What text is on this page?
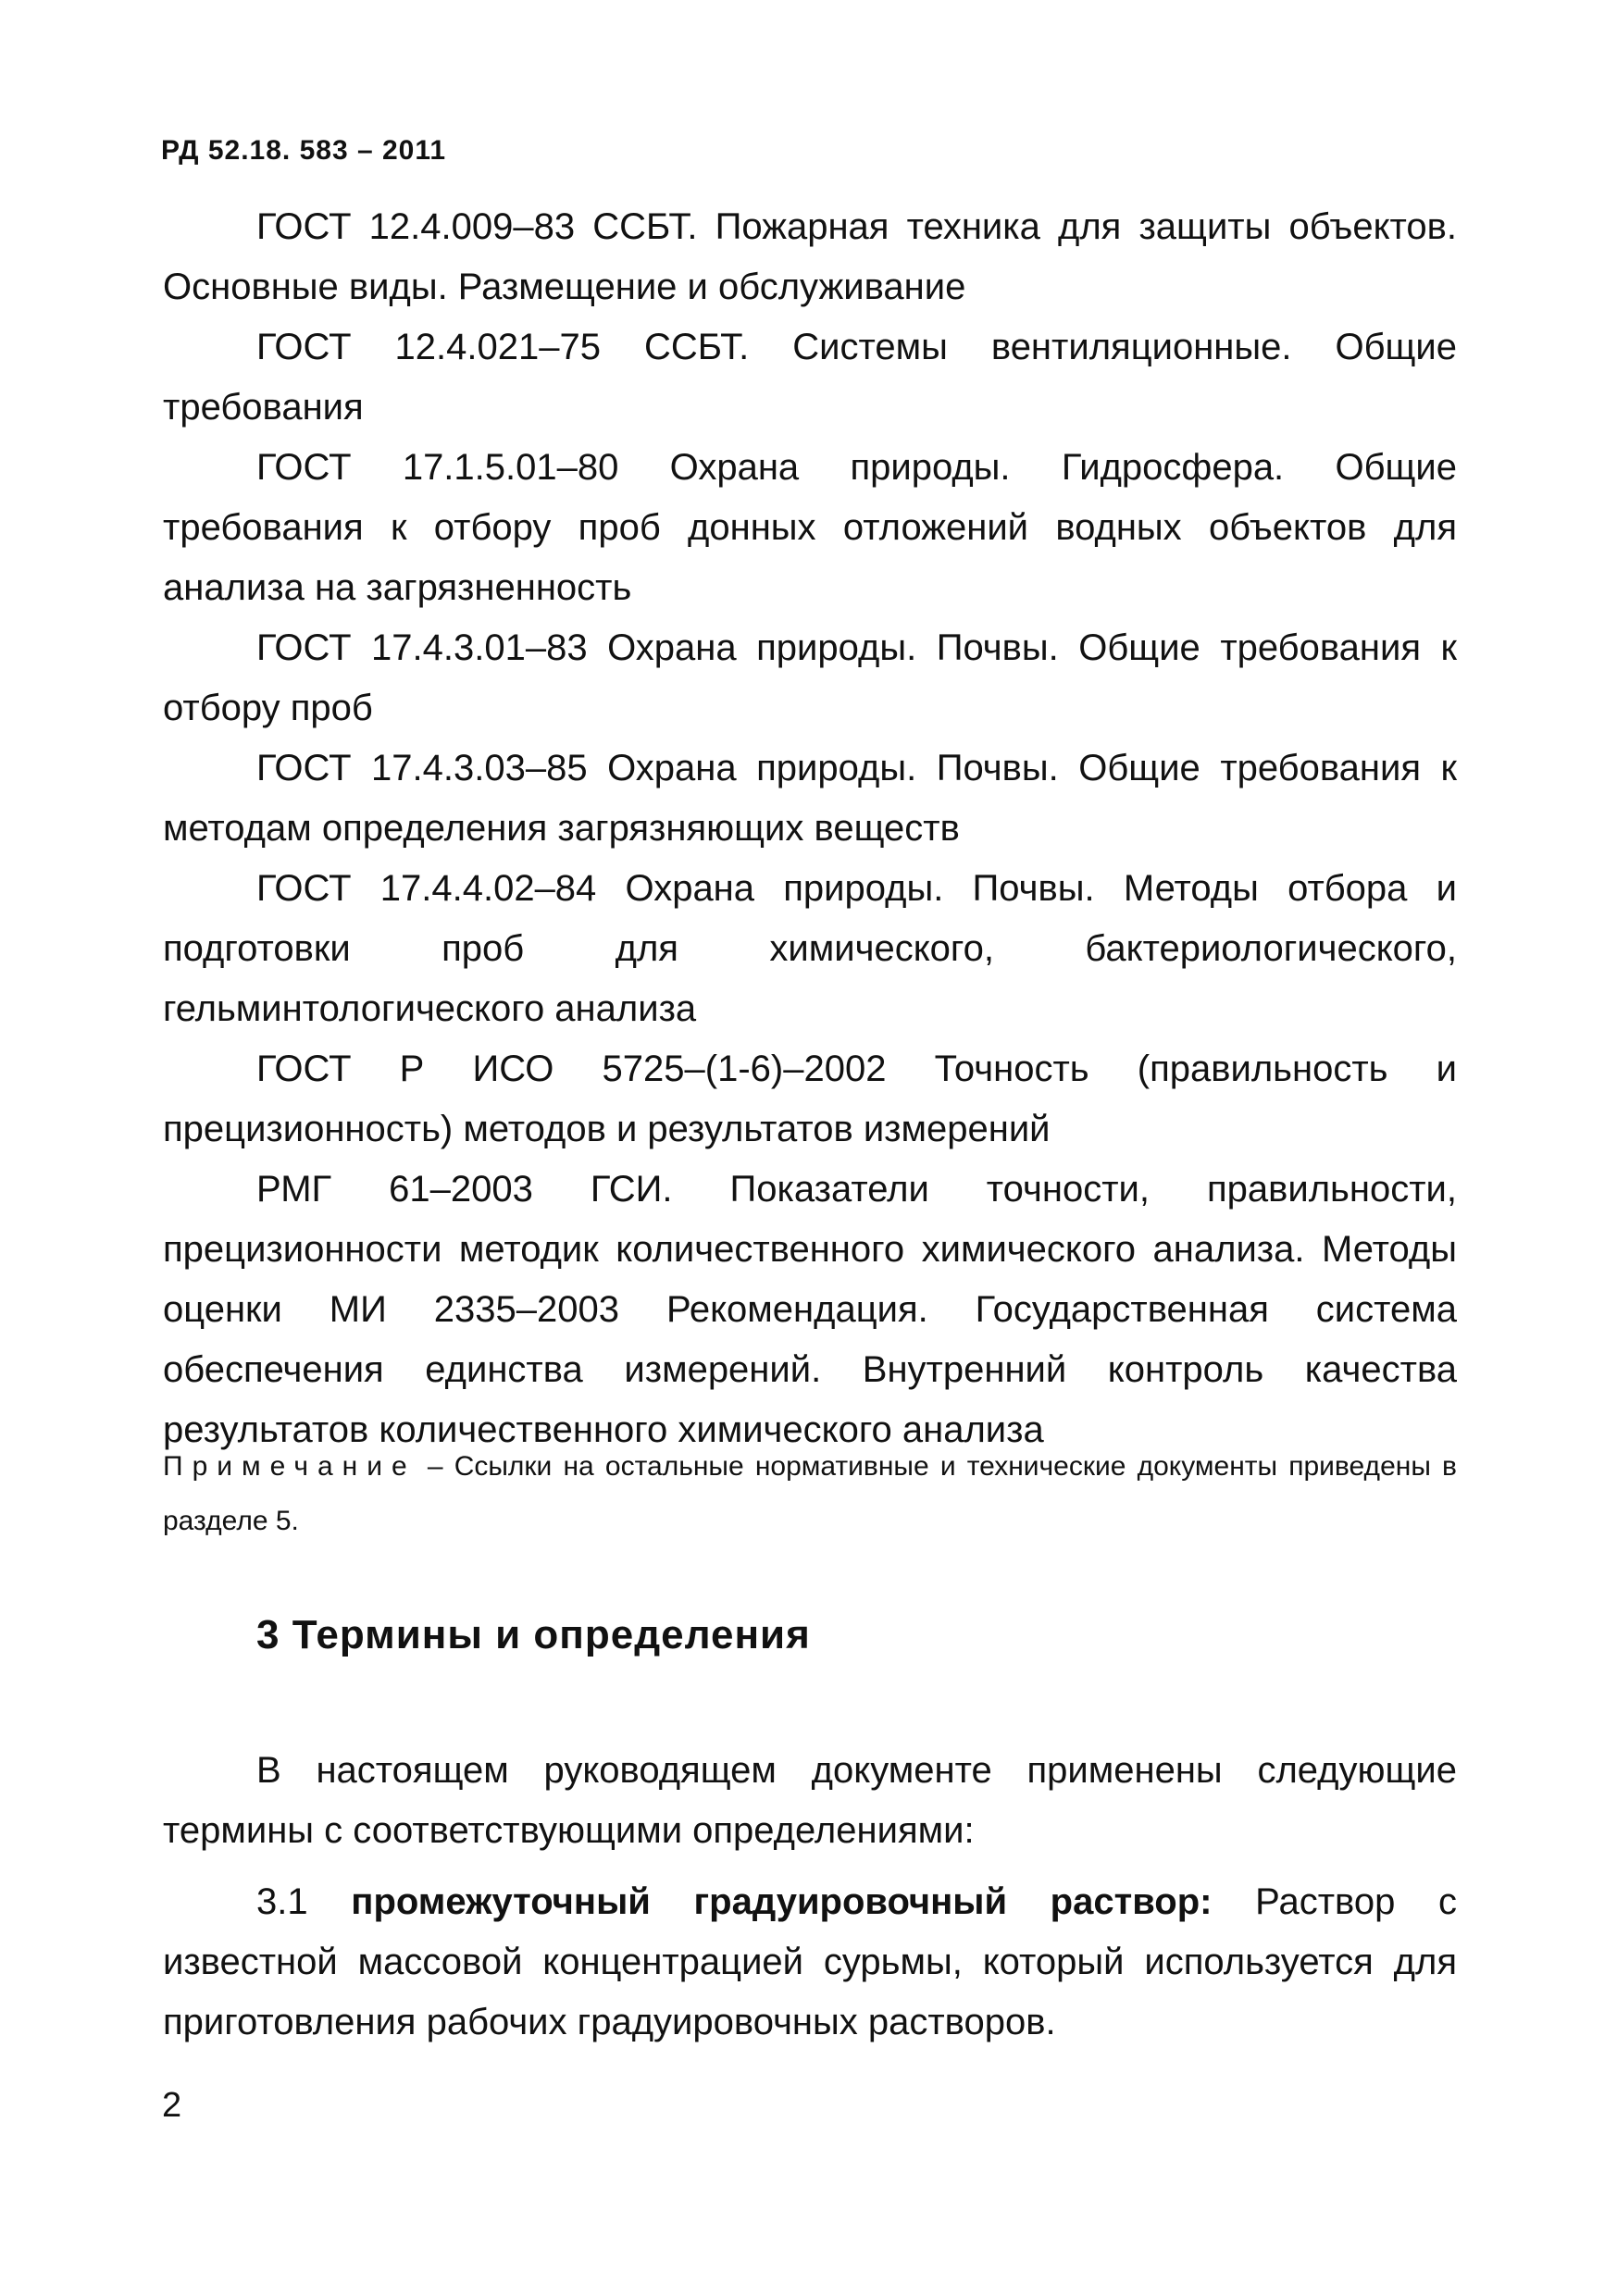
РД 52.18. 583 – 2011

ГОСТ 12.4.009–83 ССБТ. Пожарная техника для защиты объектов. Основные виды. Размещение и обслуживание

ГОСТ 12.4.021–75 ССБТ. Системы вентиляционные. Общие требования

ГОСТ 17.1.5.01–80 Охрана природы. Гидросфера. Общие требования к отбору проб донных отложений водных объектов для анализа на загрязненность

ГОСТ 17.4.3.01–83 Охрана природы. Почвы. Общие требования к отбору проб

ГОСТ 17.4.3.03–85 Охрана природы. Почвы. Общие требования к методам определения загрязняющих веществ

ГОСТ 17.4.4.02–84 Охрана природы. Почвы. Методы отбора и подготовки проб для химического, бактериологического, гельминтологического анализа

ГОСТ Р ИСО 5725–(1-6)–2002 Точность (правильность и прецизионность) методов и результатов измерений

РМГ 61–2003 ГСИ. Показатели точности, правильности, прецизионности методик количественного химического анализа. Методы оценки МИ 2335–2003 Рекомендация. Государственная система обеспечения единства измерений. Внутренний контроль качества результатов количественного химического анализа

Примечание – Ссылки на остальные нормативные и технические документы приведены в разделе 5.
3 Термины и определения

В настоящем руководящем документе применены следующие термины с соответствующими определениями:

3.1 промежуточный градуировочный раствор: Раствор с известной массовой концентрацией сурьмы, который используется для приготовления рабочих градуировочных растворов.

2
